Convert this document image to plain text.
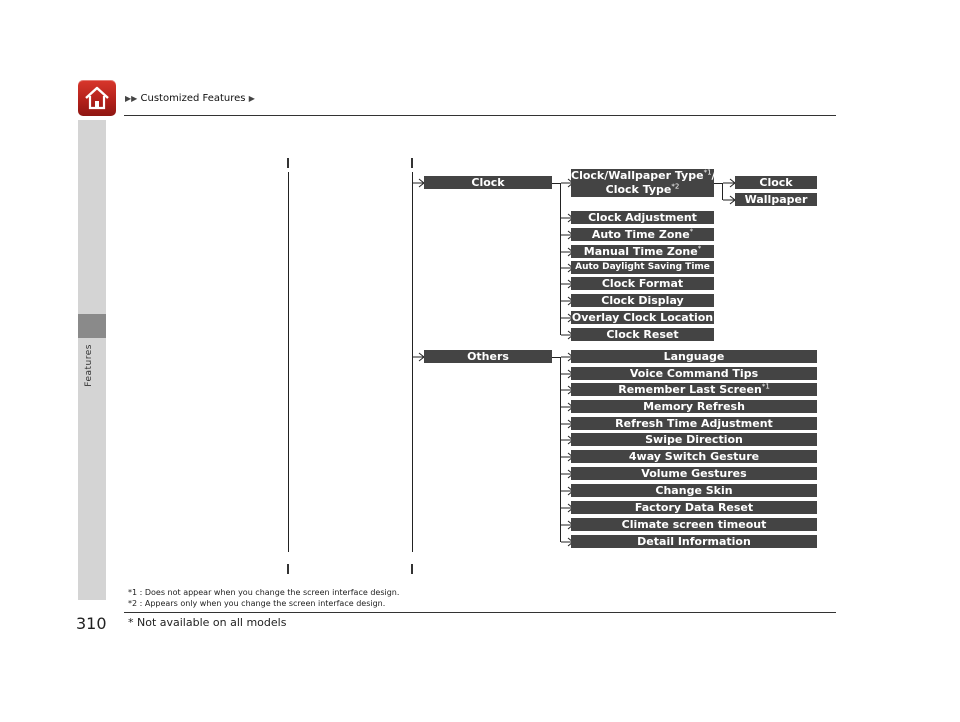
▶▶ Customized Features ▶
Features
Clock
Others
Clock/Wallpaper Type$^{*1}$/
Clock Type$^{*2}$	Clock
Wallpaper
Clock Adjustment
Auto Time Zone*
Manual Time Zone*
Auto Daylight Saving Time
Clock Format
Clock Display
Overlay Clock Location
Clock Reset
Language
Voice Command Tips
Remember Last Screen$^{*1}$
Memory Refresh
Refresh Time Adjustment
Swipe Direction
4way Switch Gesture
Volume Gestures
Change Skin
Factory Data Reset
Climate screen timeout
Detail Information
*1 : Does not appear when you change the screen interface design.
*2 : Appears only when you change the screen interface design.
* Not available on all models
310
